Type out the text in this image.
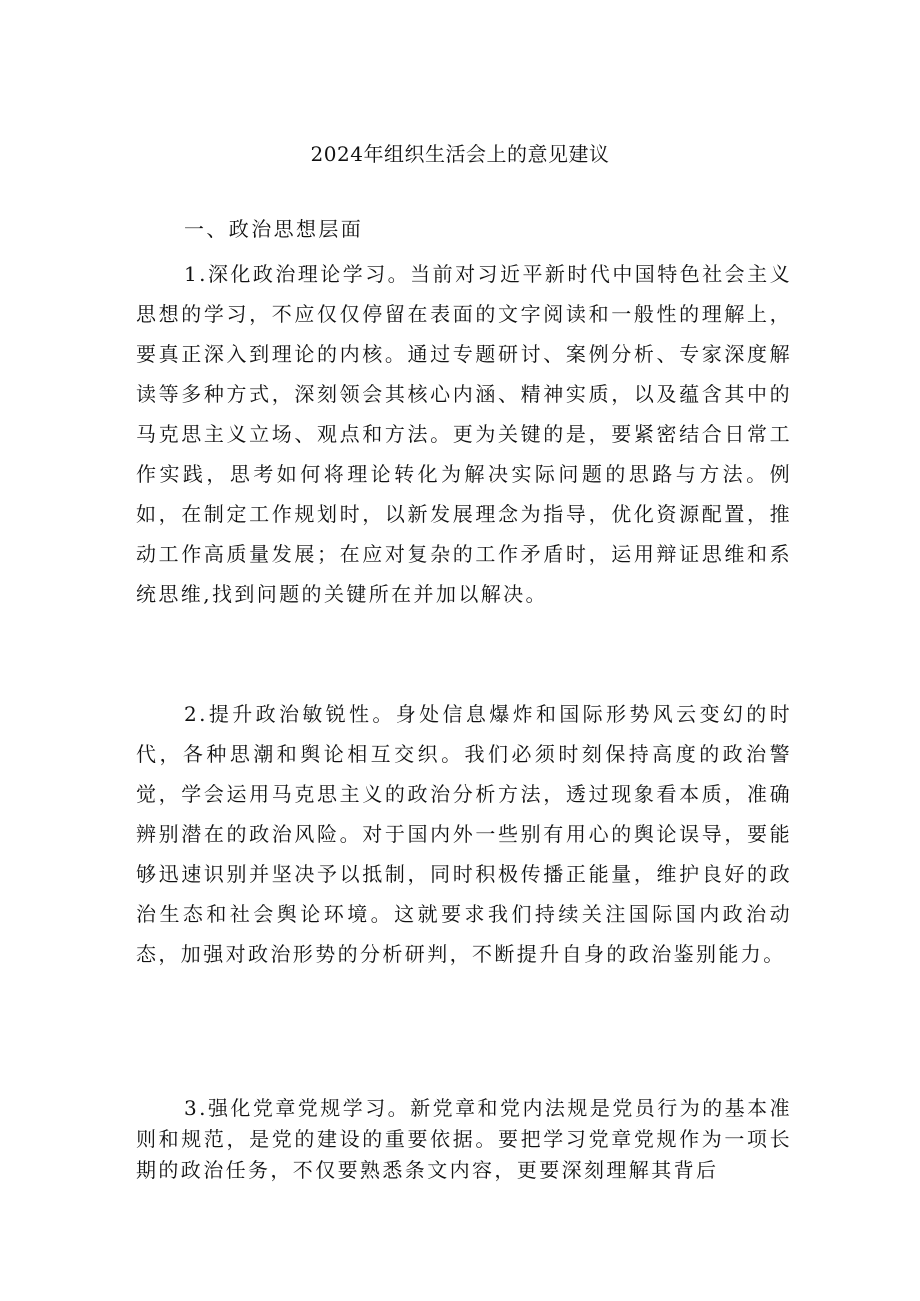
2024年组织生活会上的意见建议

一、政治思想层面

1.深化政治理论学习。当前对习近平新时代中国特色社会主义思想的学习，不应仅仅停留在表面的文字阅读和一般性的理解上，要真正深入到理论的内核。通过专题研讨、案例分析、专家深度解读等多种方式，深刻领会其核心内涵、精神实质，以及蕴含其中的马克思主义立场、观点和方法。更为关键的是，要紧密结合日常工作实践，思考如何将理论转化为解决实际问题的思路与方法。例如，在制定工作规划时，以新发展理念为指导，优化资源配置，推动工作高质量发展；在应对复杂的工作矛盾时，运用辩证思维和系统思维,找到问题的关键所在并加以解决。

2.提升政治敏锐性。身处信息爆炸和国际形势风云变幻的时代，各种思潮和舆论相互交织。我们必须时刻保持高度的政治警觉，学会运用马克思主义的政治分析方法，透过现象看本质，准确辨别潜在的政治风险。对于国内外一些别有用心的舆论误导，要能够迅速识别并坚决予以抵制，同时积极传播正能量，维护良好的政治生态和社会舆论环境。这就要求我们持续关注国际国内政治动态，加强对政治形势的分析研判，不断提升自身的政治鉴别能力。

3.强化党章党规学习。新党章和党内法规是党员行为的基本准则和规范，是党的建设的重要依据。要把学习党章党规作为一项长期的政治任务，不仅要熟悉条文内容，更要深刻理解其背后
